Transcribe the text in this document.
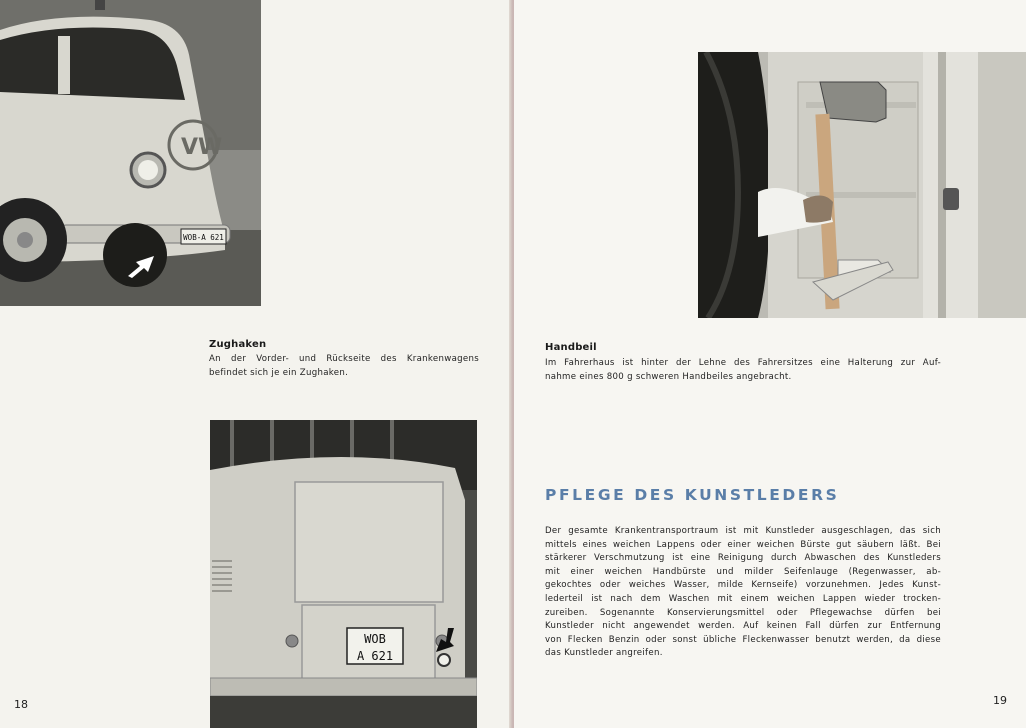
VW
WOB-A 621
Zughaken
An der Vorder- und Rückseite des Krankenwagens
befindet sich je ein Zughaken.
WOB
A 621
18
Handbeil
Im Fahrerhaus ist hinter der Lehne des Fahrersitzes eine Halterung zur Auf-
nahme eines 800 g schweren Handbeiles angebracht.
PFLEGE DES KUNSTLEDERS
Der gesamte Krankentransportraum ist mit Kunstleder ausgeschlagen, das sich
mittels eines weichen Lappens oder einer weichen Bürste gut säubern läßt. Bei
stärkerer Verschmutzung ist eine Reinigung durch Abwaschen des Kunstleders
mit einer weichen Handbürste und milder Seifenlauge (Regenwasser, ab-
gekochtes oder weiches Wasser, milde Kernseife) vorzunehmen. Jedes Kunst-
lederteil ist nach dem Waschen mit einem weichen Lappen wieder trocken-
zureiben. Sogenannte Konservierungsmittel oder Pflegewachse dürfen bei
Kunstleder nicht angewendet werden. Auf keinen Fall dürfen zur Entfernung
von Flecken Benzin oder sonst übliche Fleckenwasser benutzt werden, da diese
das Kunstleder angreifen.
19
